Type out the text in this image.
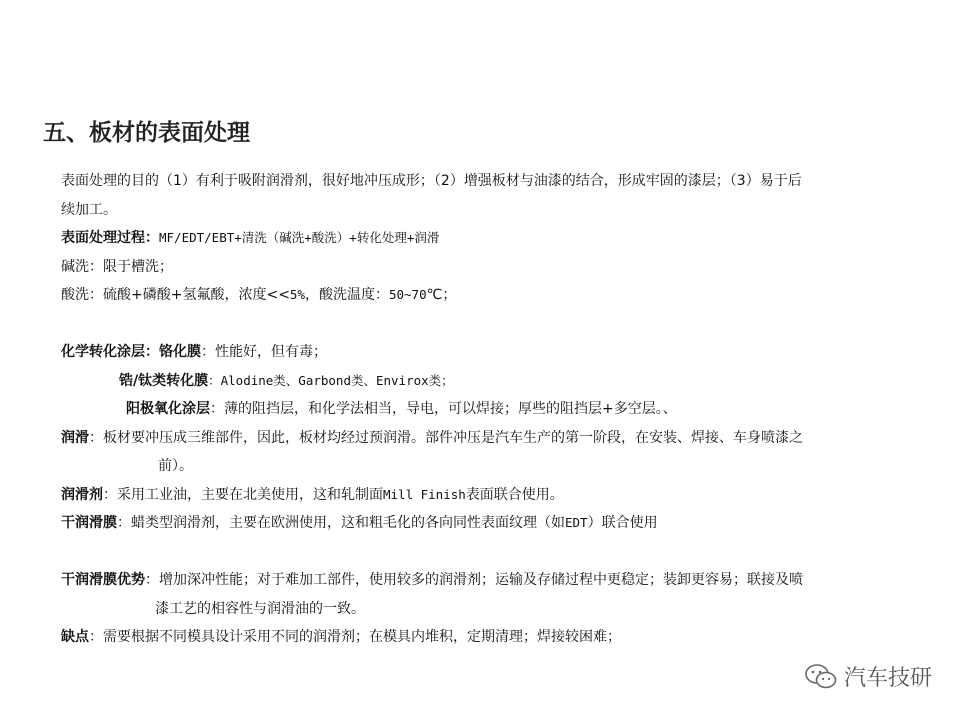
五、板材的表面处理
表面处理的目的（1）有利于吸附润滑剂，很好地冲压成形；（2）增强板材与油漆的结合，形成牢固的漆层；（3）易于后
续加工。
表面处理过程：MF/EDT/EBT+清洗（碱洗+酸洗）+转化处理+润滑
碱洗：限于槽洗；
酸洗：硫酸+磷酸+氢氟酸，浓度<<5%，酸洗温度：50~70℃；
化学转化涂层：铬化膜：性能好，但有毒；
锆/钛类转化膜：Alodine类、Garbond类、Envirox类；
阳极氧化涂层：薄的阻挡层，和化学法相当，导电，可以焊接；厚些的阻挡层+多空层。、
润滑：板材要冲压成三维部件，因此，板材均经过预润滑。部件冲压是汽车生产的第一阶段，在安装、焊接、车身喷漆之
前）。
润滑剂：采用工业油，主要在北美使用，这和轧制面Mill Finish表面联合使用。
干润滑膜：蜡类型润滑剂，主要在欧洲使用，这和粗毛化的各向同性表面纹理（如EDT）联合使用
干润滑膜优势：增加深冲性能；对于难加工部件，使用较多的润滑剂；运输及存储过程中更稳定；装卸更容易；联接及喷
漆工艺的相容性与润滑油的一致。
缺点：需要根据不同模具设计采用不同的润滑剂；在模具内堆积，定期清理；焊接较困难；
汽车技研
